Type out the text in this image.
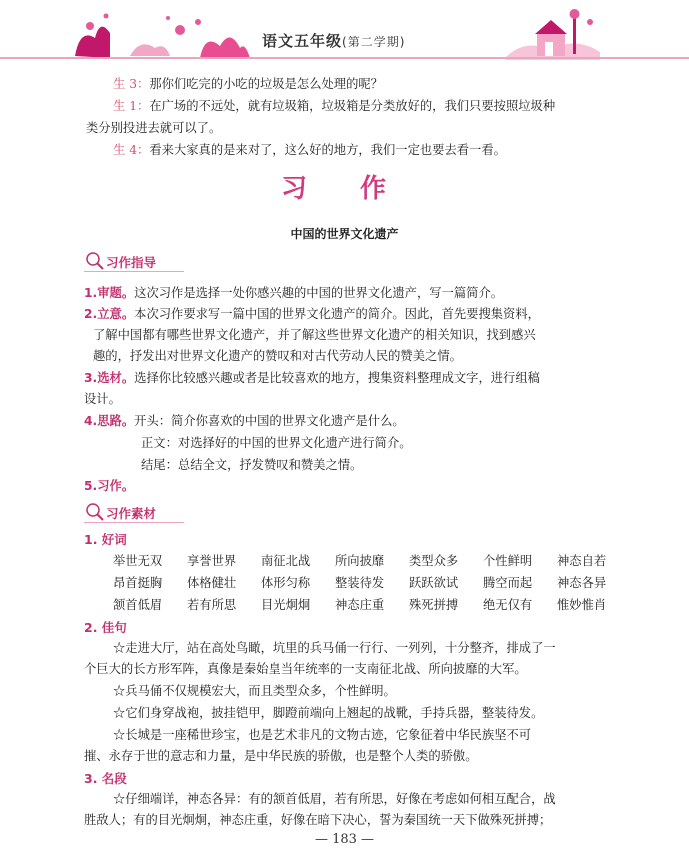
语文五年级(第二学期)
生 3：那你们吃完的小吃的垃圾是怎么处理的呢？
生 1：在广场的不远处，就有垃圾箱，垃圾箱是分类放好的，我们只要按照垃圾种
类分别投进去就可以了。
生 4：看来大家真的是来对了，这么好的地方，我们一定也要去看一看。
习 作
中国的世界文化遗产
习作指导
1.审题。这次习作是选择一处你感兴趣的中国的世界文化遗产，写一篇简介。
2.立意。本次习作要求写一篇中国的世界文化遗产的简介。因此，首先要搜集资料，
了解中国都有哪些世界文化遗产，并了解这些世界文化遗产的相关知识，找到感兴
趣的，抒发出对世界文化遗产的赞叹和对古代劳动人民的赞美之情。
3.选材。选择你比较感兴趣或者是比较喜欢的地方，搜集资料整理成文字，进行组稿
设计。
4.思路。开头：简介你喜欢的中国的世界文化遗产是什么。
正文：对选择好的中国的世界文化遗产进行简介。
结尾：总结全文，抒发赞叹和赞美之情。
5.习作。
习作素材
1. 好词
举世无双	享誉世界	南征北战	所向披靡	类型众多	个性鲜明	神态自若
昂首挺胸	体格健壮	体形匀称	整装待发	跃跃欲试	腾空而起	神态各异
颔首低眉	若有所思	目光炯炯	神态庄重	殊死拼搏	绝无仅有	惟妙惟肖
2. 佳句
☆走进大厅，站在高处鸟瞰，坑里的兵马俑一行行、一列列，十分整齐，排成了一
个巨大的长方形军阵，真像是秦始皇当年统率的一支南征北战、所向披靡的大军。
☆兵马俑不仅规模宏大，而且类型众多，个性鲜明。
☆它们身穿战袍，披挂铠甲，脚蹬前端向上翘起的战靴，手持兵器，整装待发。
☆长城是一座稀世珍宝，也是艺术非凡的文物古迹，它象征着中华民族坚不可
摧、永存于世的意志和力量，是中华民族的骄傲，也是整个人类的骄傲。
3. 名段
☆仔细端详，神态各异：有的颔首低眉，若有所思，好像在考虑如何相互配合，战
胜敌人；有的目光炯炯，神态庄重，好像在暗下决心，誓为秦国统一天下做殊死拼搏；
— 183 —
